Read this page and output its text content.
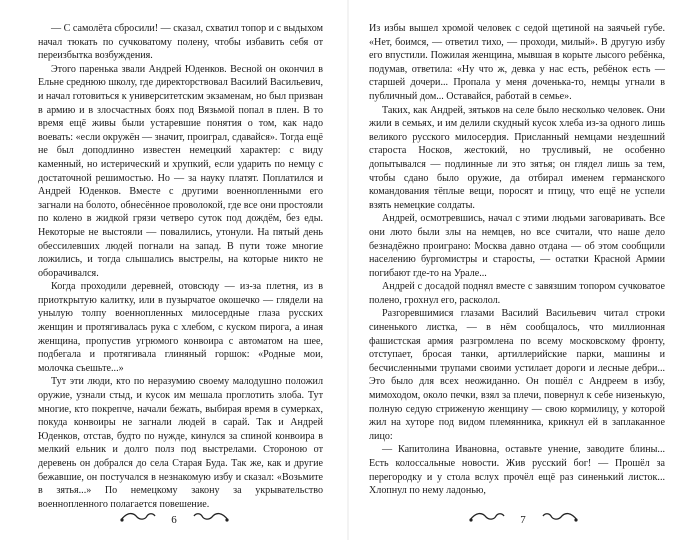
— С самолёта сбросили! — сказал, схватил топор и с выдыхом начал тюкать по сучковатому полену, чтобы избавить себя от переизбытка возбуждения.

Этого паренька звали Андрей Юденков. Весной он окончил в Ельне среднюю школу, где директорствовал Василий Васильевич, и начал готовиться к университетским экзаменам, но был призван в армию и в злосчастных боях под Вязьмой попал в плен. В то время ещё живы были устаревшие понятия о том, как надо воевать: «если окружён — значит, проиграл, сдавайся». Тогда ещё не был доподлинно известен немецкий характер: с виду каменный, но истерический и хрупкий, если ударить по немцу с достаточной решимостью. Но — за науку платят. Поплатился и Андрей Юденков. Вместе с другими военнопленными его загнали на болото, обнесённое проволокой, где все они простояли по колено в жидкой грязи четверо суток под дождём, без еды. Некоторые не выстояли — повалились, утонули. На пятый день обессилевших людей погнали на запад. В пути тоже многие ложились, и тогда слышались выстрелы, на которые никто не оборачивался.

Когда проходили деревней, отовсюду — из-за плетня, из в приоткрытую калитку, или в пузырчатое окошечко — глядели на унылую толпу военнопленных милосердные глаза русских женщин и протягивалась рука с хлебом, с куском пирога, а иная женщина, пропустив угрюмого конвоира с автоматом на шее, подбегала и протягивала глиняный горшок: «Родные мои, молочка съешьте...»

Тут эти люди, кто по неразумию своему малодушно положил оружие, узнали стыд, и кусок им мешала проглотить злоба. Тут многие, кто покрепче, начали бежать, выбирая время в сумерках, покуда конвоиры не загнали людей в сарай. Так и Андрей Юденков, отстав, будто по нужде, кинулся за спиной конвоира в мелкий ельник и долго полз под выстрелами. Стороною от деревень он добрался до села Старая Буда. Так же, как и другие бежавшие, он постучался в незнакомую избу и сказал: «Возьмите в зятья...» По немецкому закону за укрывательство военнопленного полагается повешение.

6

Из избы вышел хромой человек с седой щетиной на заячьей губе. «Нет, боимся, — ответил тихо, — проходи, милый». В другую избу его впустили. Пожилая женщина, мывшая в корыте лысого ребёнка, подумав, ответила: «Ну что ж, девка у нас есть, ребёнок есть — старшей дочери... Пропала у меня доченька-то, немцы угнали в публичный дом... Оставайся, работай в семье».

Таких, как Андрей, зятьков на селе было несколько человек. Они жили в семьях, и им делили скудный кусок хлеба из-за одного лишь великого русского милосердия. Присланный немцами нездешний староста Носков, жестокий, но трусливый, не особенно допытывался — подлинные ли это зятья; он глядел лишь за тем, чтобы сдано было оружие, да отбирал именем германского командования тёплые вещи, поросят и птицу, что ещё не успели взять немецкие солдаты.

Андрей, осмотревшись, начал с этими людьми заговаривать. Все они люто были злы на немцев, но все считали, что наше дело безнадёжно проиграно: Москва давно отдана — об этом сообщили населению бургомистры и старосты, — остатки Красной Армии погибают где-то на Урале...

Андрей с досадой поднял вместе с завязшим топором сучковатое полено, грохнул его, расколол.

Разгоревшимися глазами Василий Васильевич читал строки синенького листка, — в нём сообщалось, что миллионная фашистская армия разгромлена по всему московскому фронту, отступает, бросая танки, артиллерийские парки, машины и бесчисленными трупами своими устилает дороги и лесные дебри... Это было для всех неожиданно. Он пошёл с Андреем в избу, мимоходом, около печки, взял за плечи, повернул к себе низенькую, полную седую стриженую женщину — свою кормилицу, у которой жил на хуторе под видом племянника, крикнул ей в заплаканное лицо:

— Капитолина Ивановна, оставьте унение, заводите блины... Есть колоссальные новости. Жив русский бог! — Прошёл за перегородку и у стола вслух прочёл ещё раз синенький листок... Хлопнул по нему ладонью,

7
